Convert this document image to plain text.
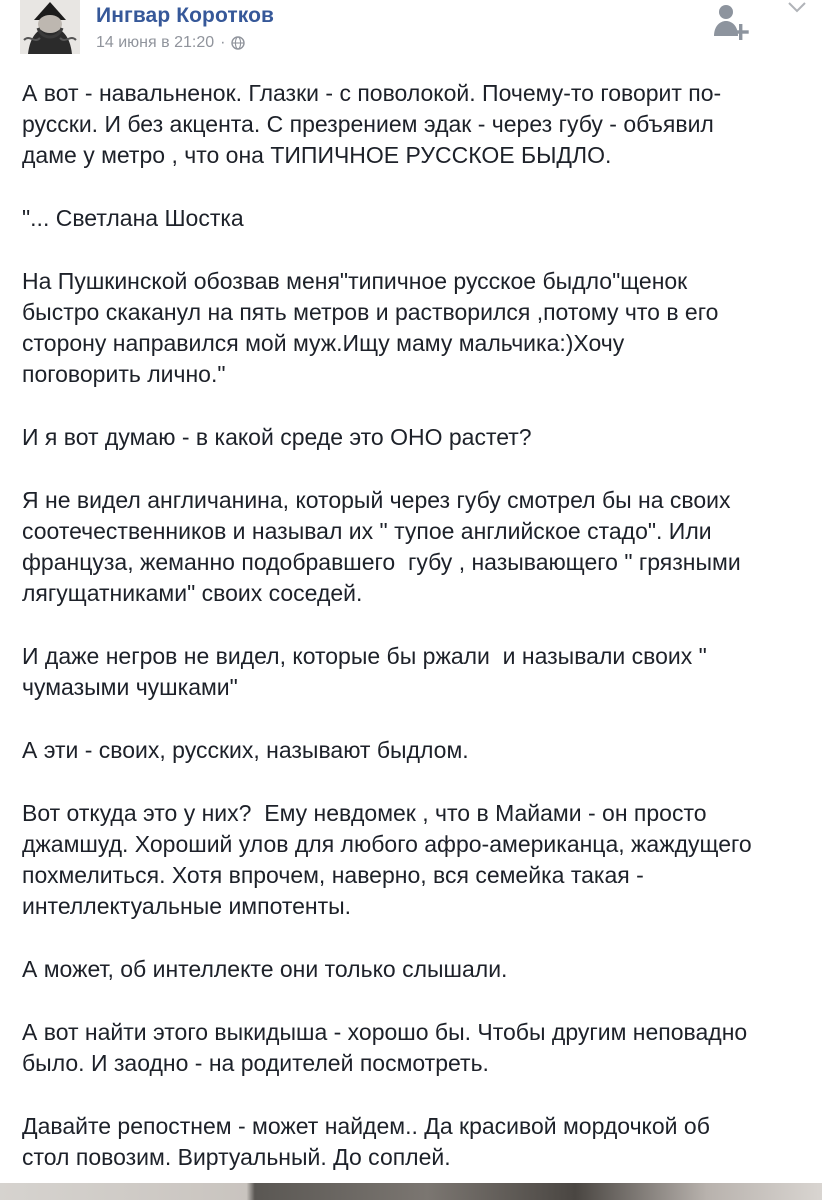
Ингвар Коротков
14 июня в 21:20 ·

А вот - навальненок. Глазки - с поволокой. Почему-то говорит по-
русски. И без акцента. С презрением эдак - через губу - объявил
даме у метро , что она ТИПИЧНОЕ РУССКОЕ БЫДЛО.

"... Светлана Шостка

На Пушкинской обозвав меня"типичное русское быдло"щенок
быстро скаканул на пять метров и растворился ,потому что в его
сторону направился мой муж.Ищу маму мальчика:)Хочу
поговорить лично."

И я вот думаю - в какой среде это ОНО растет?

Я не видел англичанина, который через губу смотрел бы на своих
соотечественников и называл их " тупое английское стадо". Или
француза, жеманно подобравшего  губу , называющего " грязными
лягущатниками" своих соседей.

И даже негров не видел, которые бы ржали  и называли своих "
чумазыми чушками"

А эти - своих, русских, называют быдлом.

Вот откуда это у них?  Ему невдомек , что в Майами - он просто
джамшуд. Хороший улов для любого афро-американца, жаждущего
похмелиться. Хотя впрочем, наверно, вся семейка такая -
интеллектуальные импотенты.

А может, об интеллекте они только слышали.

А вот найти этого выкидыша - хорошо бы. Чтобы другим неповадно
было. И заодно - на родителей посмотреть.

Давайте репостнем - может найдем.. Да красивой мордочкой об
стол повозим. Виртуальный. До соплей.
